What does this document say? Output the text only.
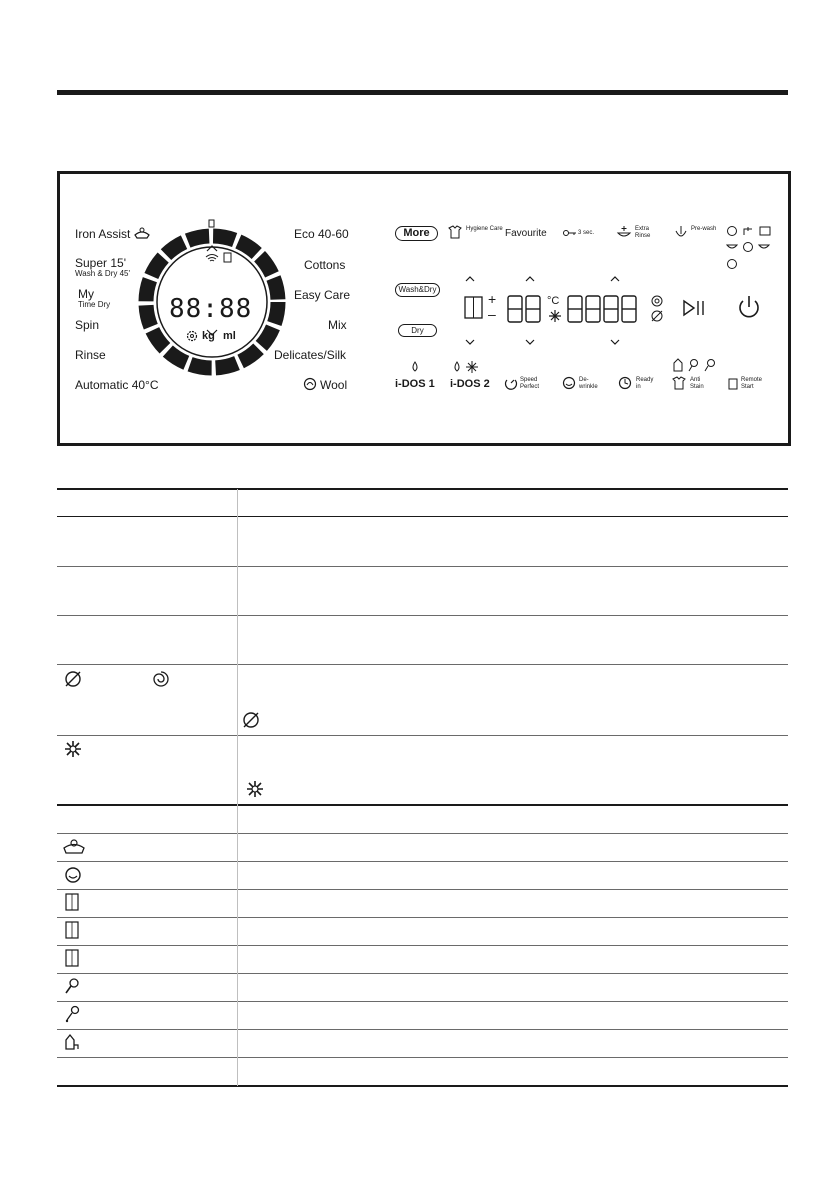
Iron Assist
Super 15'
Wash & Dry 45'
My
Time Dry
Spin
Rinse
Automatic 40°C
Eco 40-60
Cottons
Easy Care
Mix
Delicates/Silk
Wool
88:88
kg ml
More
Wash&Dry
Dry
Hygiene Care Favourite	3 sec.
Extra Rinse
Pre-wash
+
–
°C
i-DOS 1 i-DOS 2	Speed Perfect
De-wrinkle
Ready in
Anti Stain
Remote Start
